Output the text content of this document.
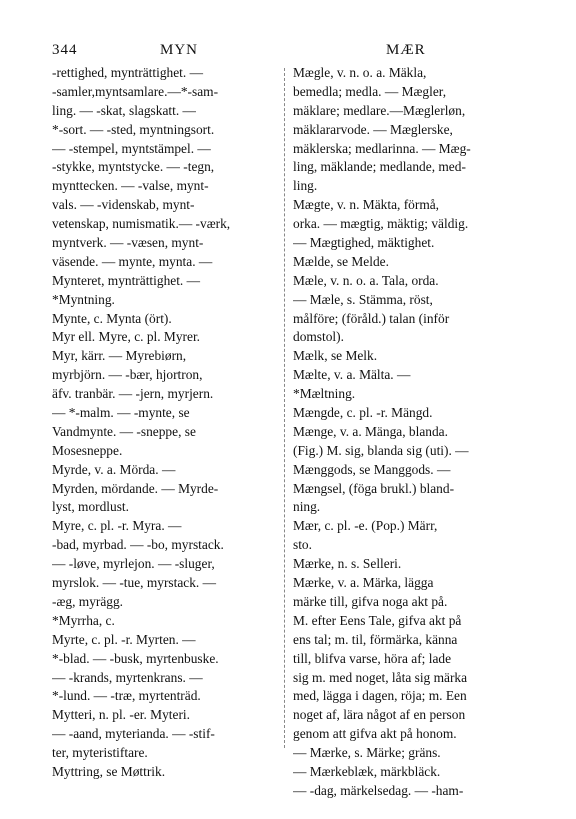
344	MYN	MÆR
-rettighed, mynträttighet. —
-samler,myntsamlare.—*-sam-
ling. — -skat, slagskatt. —
*-sort. — -sted, myntningsort.
— -stempel, myntstämpel. —
-stykke, myntstycke. — -tegn,
mynttecken. — -valse, mynt-
vals. — -videnskab, mynt-
vetenskap, numismatik.— -værk,
myntverk. — -væsen, mynt-
väsende. — mynte, mynta. —
Mynteret, mynträttighet. —
*Myntning.
Mynte, c. Mynta (ört).
Myr ell. Myre, c. pl. Myrer.
Myr, kärr. — Myrebiørn,
myrbjörn. — -bær, hjortron,
äfv. tranbär. — -jern, myrjern.
— *-malm. — -mynte, se
Vandmynte. — -sneppe, se
Mosesneppe.
Myrde, v. a. Mörda. —
Myrden, mördande. — Myrde-
lyst, mordlust.
Myre, c. pl. -r. Myra. —
-bad, myrbad. — -bo, myrstack.
— -løve, myrlejon. — -sluger,
myrslok. — -tue, myrstack. —
-æg, myrägg.
*Myrrha, c.
Myrte, c. pl. -r. Myrten. —
*-blad. — -busk, myrtenbuske.
— -krands, myrtenkrans. —
*-lund. — -træ, myrtenträd.
Mytteri, n. pl. -er. Myteri.
— -aand, myterianda. — -stif-
ter, myteristiftare.
Myttring, se Møttrik.
Mægle, v. n. o. a. Mäkla,
bemedla; medla. — Mægler,
mäklare; medlare.—Mæglerløn,
mäklararvode. — Mæglerske,
mäklerska; medlarinna. — Mæg-
ling, mäklande; medlande, med-
ling.
Mægte, v. n. Mäkta, förmå,
orka. — mægtig, mäktig; väldig.
— Mægtighed, mäktighet.
Mælde, se Melde.
Mæle, v. n. o. a. Tala, orda.
— Mæle, s. Stämma, röst,
målföre; (föråld.) talan (inför
domstol).
Mælk, se Melk.
Mælte, v. a. Mälta. —
*Mæltning.
Mængde, c. pl. -r. Mängd.
Mænge, v. a. Mänga, blanda.
(Fig.) M. sig, blanda sig (uti). —
Mænggods, se Manggods. —
Mængsel, (föga brukl.) bland-
ning.
Mær, c. pl. -e. (Pop.) Märr,
sto.
Mærke, n. s. Selleri.
Mærke, v. a. Märka, lägga
märke till, gifva noga akt på.
M. efter Eens Tale, gifva akt på
ens tal; m. til, förmärka, känna
till, blifva varse, höra af; lade
sig m. med noget, låta sig märka
med, lägga i dagen, röja; m. Een
noget af, lära något af en person
genom att gifva akt på honom.
— Mærke, s. Märke; gräns.
— Mærkeblæk, märkbläck.
— -dag, märkelsedag. — -ham-
